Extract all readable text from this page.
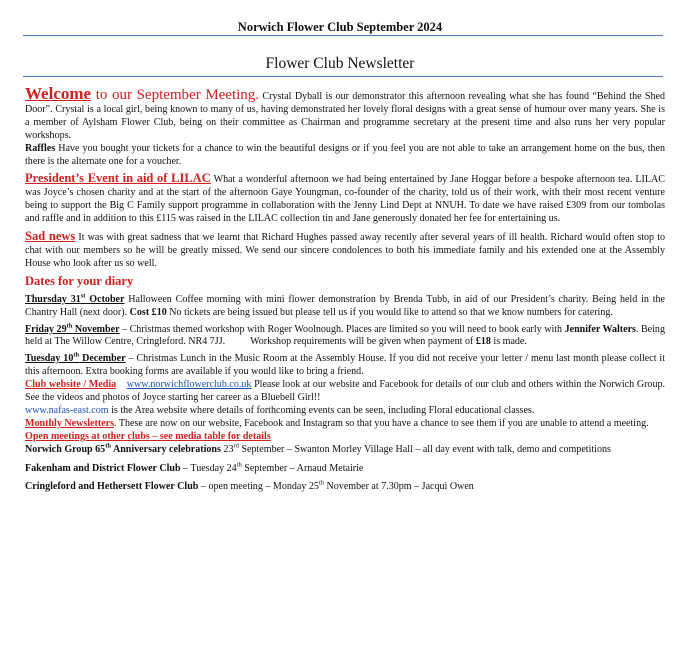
Norwich Flower Club September 2024
Flower Club Newsletter

Welcome to our September Meeting. Crystal Dyball is our demonstrator this afternoon revealing what she has found “Behind the Shed Door”. Crystal is a local girl, being known to many of us, having demonstrated her lovely floral designs with a great sense of humour over many years. She is a member of Aylsham Flower Club, being on their committee as Chairman and programme secretary at the present time and also runs her very popular workshops.

Raffles Have you bought your tickets for a chance to win the beautiful designs or if you feel you are not able to take an arrangement home on the bus, then there is the alternate one for a voucher.

President’s Event in aid of LILAC What a wonderful afternoon we had being entertained by Jane Hoggar before a bespoke afternoon tea. LILAC was Joyce’s chosen charity and at the start of the afternoon Gaye Youngman, co-founder of the charity, told us of their work, with their most recent venture being to support the Big C Family support programme in collaboration with the Jenny Lind Dept at NNUH. To date we have raised £309 from our tombolas and raffle and in addition to this £115 was raised in the LILAC collection tin and Jane generously donated her fee for entertaining us.

Sad news It was with great sadness that we learnt that Richard Hughes passed away recently after several years of ill health. Richard would often stop to chat with our members so he will be greatly missed. We send our sincere condolences to both his immediate family and his extended one at the Assembly House who look after us so well.

Dates for your diary

Thursday 31st October Halloween Coffee morning with mini flower demonstration by Brenda Tubb, in aid of our President’s charity. Being held in the Chantry Hall (next door). Cost £10 No tickets are being issued but please tell us if you would like to attend so that we know numbers for catering.

Friday 29th November – Christmas themed workshop with Roger Woolnough. Places are limited so you will need to book early with Jennifer Walters. Being held at The Willow Centre, Cringleford. NR4 7JJ.          Workshop requirements will be given when payment of £18 is made.

Tuesday 10th December – Christmas Lunch in the Music Room at the Assembly House. If you did not receive your letter / menu last month please collect it this afternoon. Extra booking forms are available if you would like to bring a friend.

Club website / Media www.norwichflowerclub.co.uk Please look at our website and Facebook for details of our club and others within the Norwich Group. See the videos and photos of Joyce starting her career as a Bluebell Girl!!

www.nafas-east.com is the Area website where details of forthcoming events can be seen, including Floral educational classes.

Monthly Newsletters. These are now on our website, Facebook and Instagram so that you have a chance to see them if you are unable to attend a meeting.

Open meetings at other clubs – see media table for details

Norwich Group 65th Anniversary celebrations 23rd September – Swanton Morley Village Hall – all day event with talk, demo and competitions

Fakenham and District Flower Club – Tuesday 24th September – Arnaud Metairie

Cringleford and Hethersett Flower Club – open meeting – Monday 25th November at 7.30pm – Jacqui Owen
